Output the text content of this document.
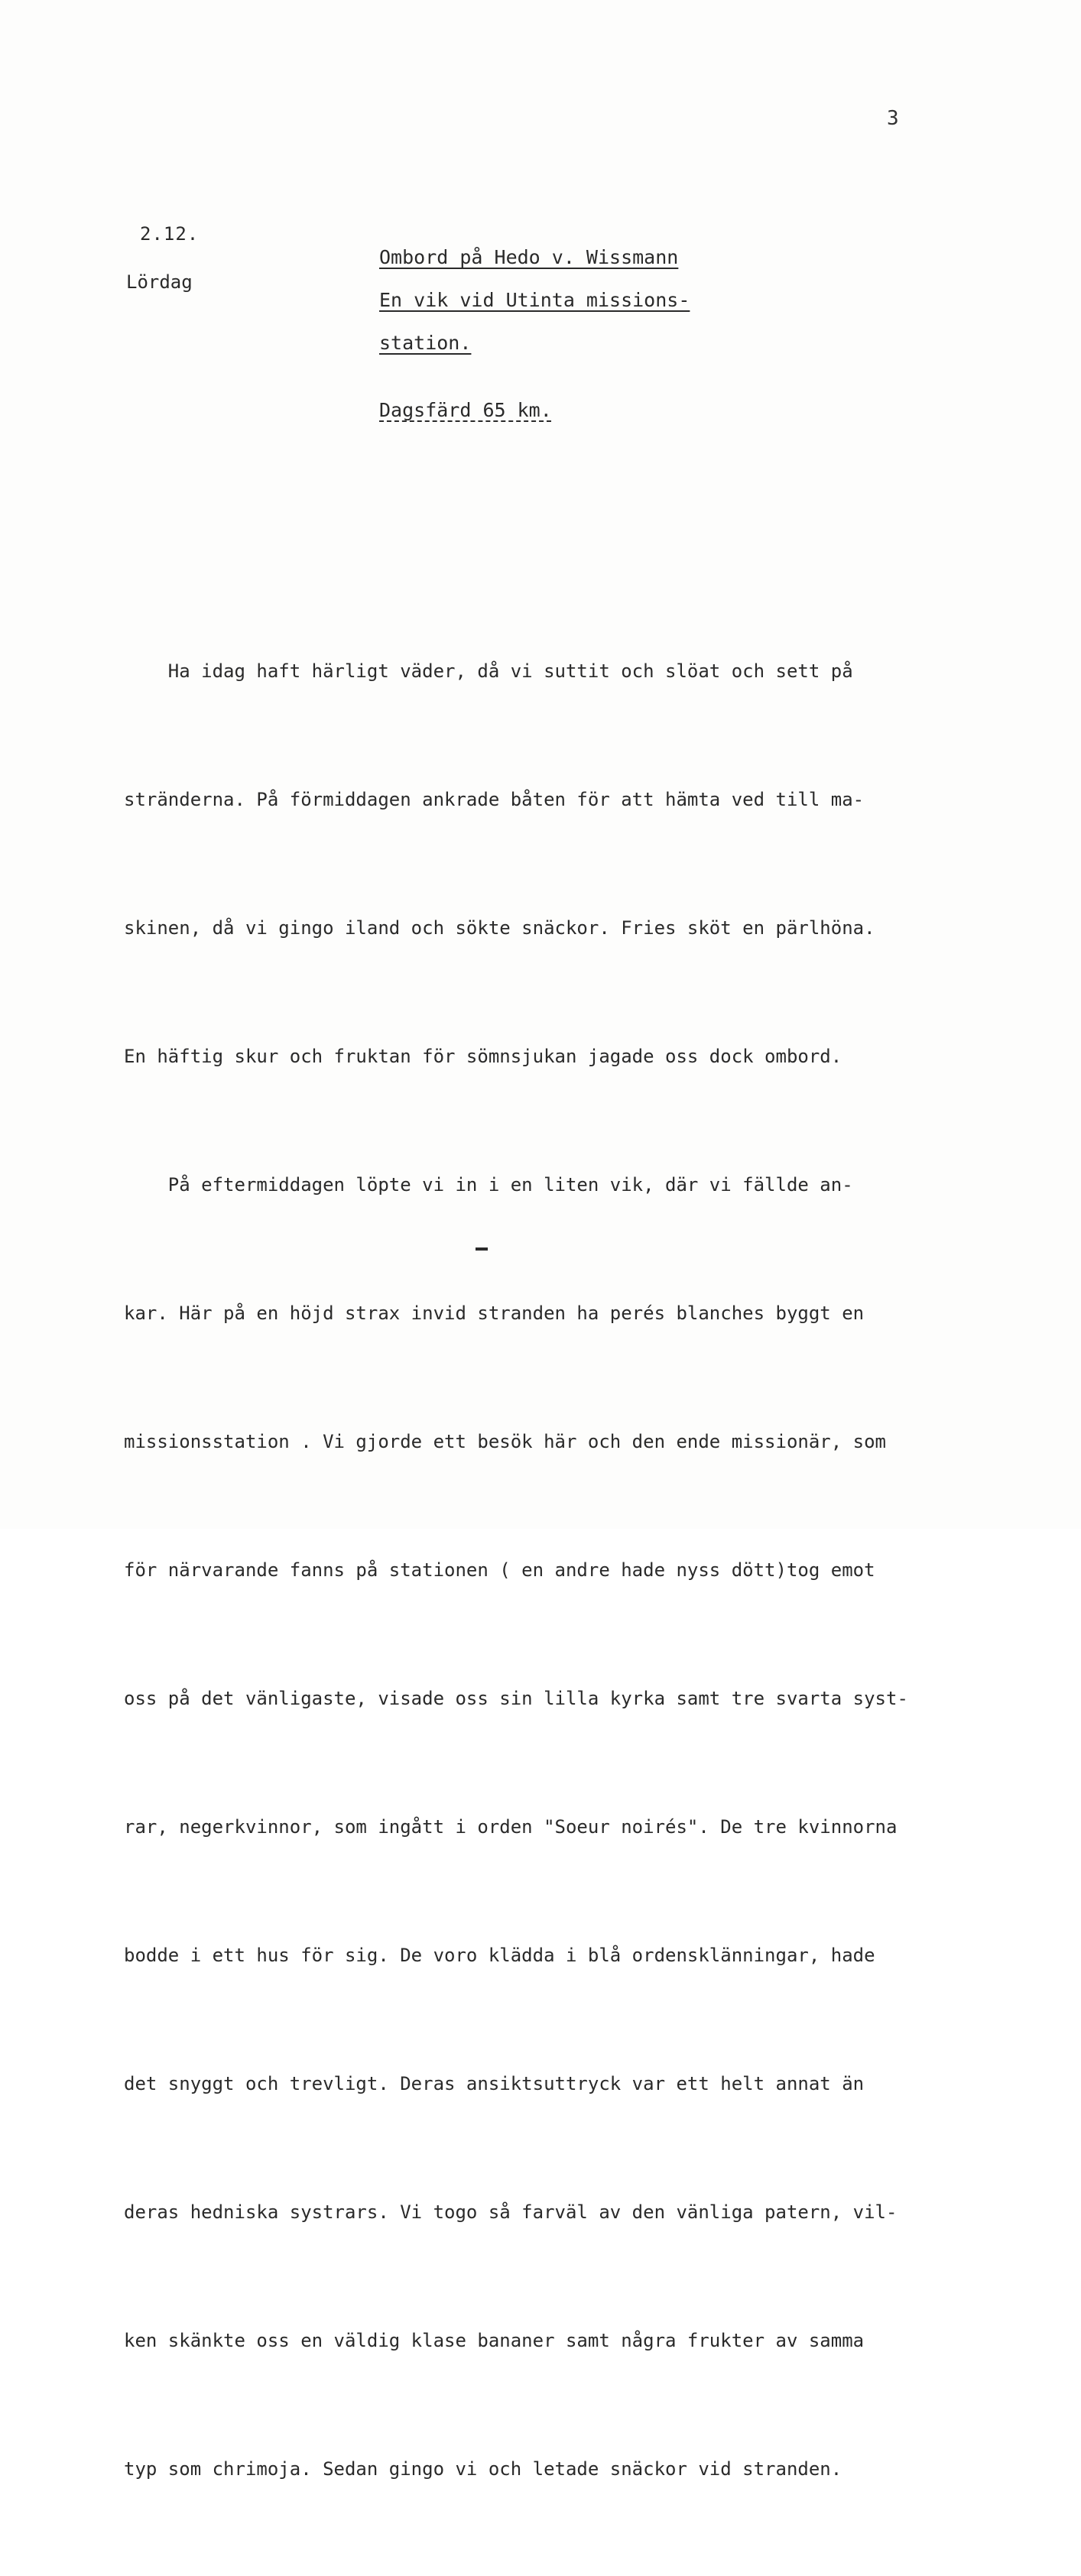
3
2.12.
Lördag
Ombord på Hedo v. Wissmann
En vik vid Utinta missions-
station.
Dagsfärd 65 km.

Ha idag haft härligt väder, då vi suttit och slöat och sett på

stränderna. På förmiddagen ankrade båten för att hämta ved till ma-

skinen, då vi gingo iland och sökte snäckor. Fries sköt en pärlhöna.

En häftig skur och fruktan för sömnsjukan jagade oss dock ombord.

På eftermiddagen löpte vi in i en liten vik, där vi fällde an-

kar. Här på en höjd strax invid stranden ha perés blanches byggt en

missionsstation . Vi gjorde ett besök här och den ende missionär, som

för närvarande fanns på stationen ( en andre hade nyss dött)tog emot

oss på det vänligaste, visade oss sin lilla kyrka samt tre svarta syst-

rar, negerkvinnor, som ingått i orden "Soeur noirés". De tre kvinnorna

bodde i ett hus för sig. De voro klädda i blå ordensklänningar, hade

det snyggt och trevligt. Deras ansiktsuttryck var ett helt annat än

deras hedniska systrars. Vi togo så farväl av den vänliga patern, vil-

ken skänkte oss en väldig klase bananer samt några frukter av samma

typ som chrimoja. Sedan gingo vi och letade snäckor vid stranden.
